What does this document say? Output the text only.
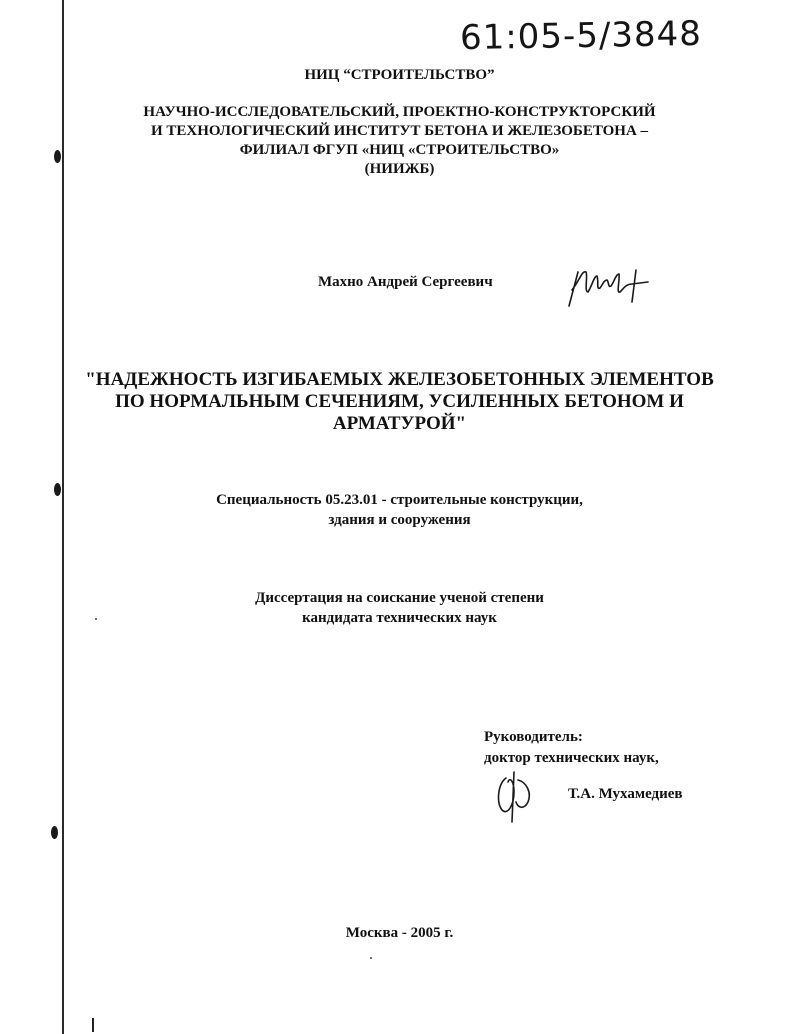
61:05-5/3848
НИЦ “СТРОИТЕЛЬСТВО”
НАУЧНО-ИССЛЕДОВАТЕЛЬСКИЙ, ПРОЕКТНО-КОНСТРУКТОРСКИЙ
И ТЕХНОЛОГИЧЕСКИЙ ИНСТИТУТ БЕТОНА И ЖЕЛЕЗОБЕТОНА –
ФИЛИАЛ ФГУП «НИЦ «СТРОИТЕЛЬСТВО»
(НИИЖБ)
Махно Андрей Сергеевич
"НАДЕЖНОСТЬ ИЗГИБАЕМЫХ ЖЕЛЕЗОБЕТОННЫХ ЭЛЕМЕНТОВ
ПО НОРМАЛЬНЫМ СЕЧЕНИЯМ, УСИЛЕННЫХ БЕТОНОМ И
АРМАТУРОЙ"
Специальность 05.23.01 - строительные конструкции,
здания и сооружения
Диссертация на соискание ученой степени
кандидата технических наук
Руководитель:
доктор технических наук,
Т.А. Мухамедиев
Москва - 2005 г.
